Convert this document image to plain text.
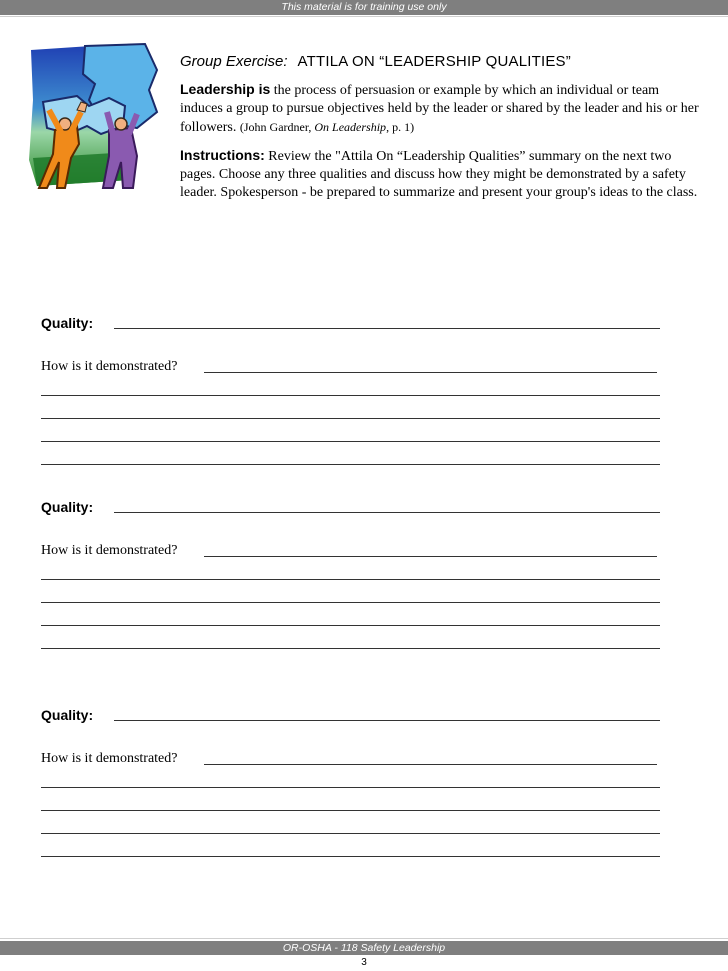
This material is for training use only
Group Exercise: ATTILA ON “LEADERSHIP QUALITIES”

Leadership is the process of persuasion or example by which an individual or team induces a group to pursue objectives held by the leader or shared by the leader and his or her followers. (John Gardner, On Leadership, p. 1)

Instructions: Review the "Attila On “Leadership Qualities” summary on the next two pages. Choose any three qualities and discuss how they might be demonstrated by a safety leader. Spokesperson - be prepared to summarize and present your group's ideas to the class.

Quality:
How is it demonstrated?
Quality:
How is it demonstrated?
Quality:
How is it demonstrated?
OR-OSHA - 118 Safety Leadership
3
